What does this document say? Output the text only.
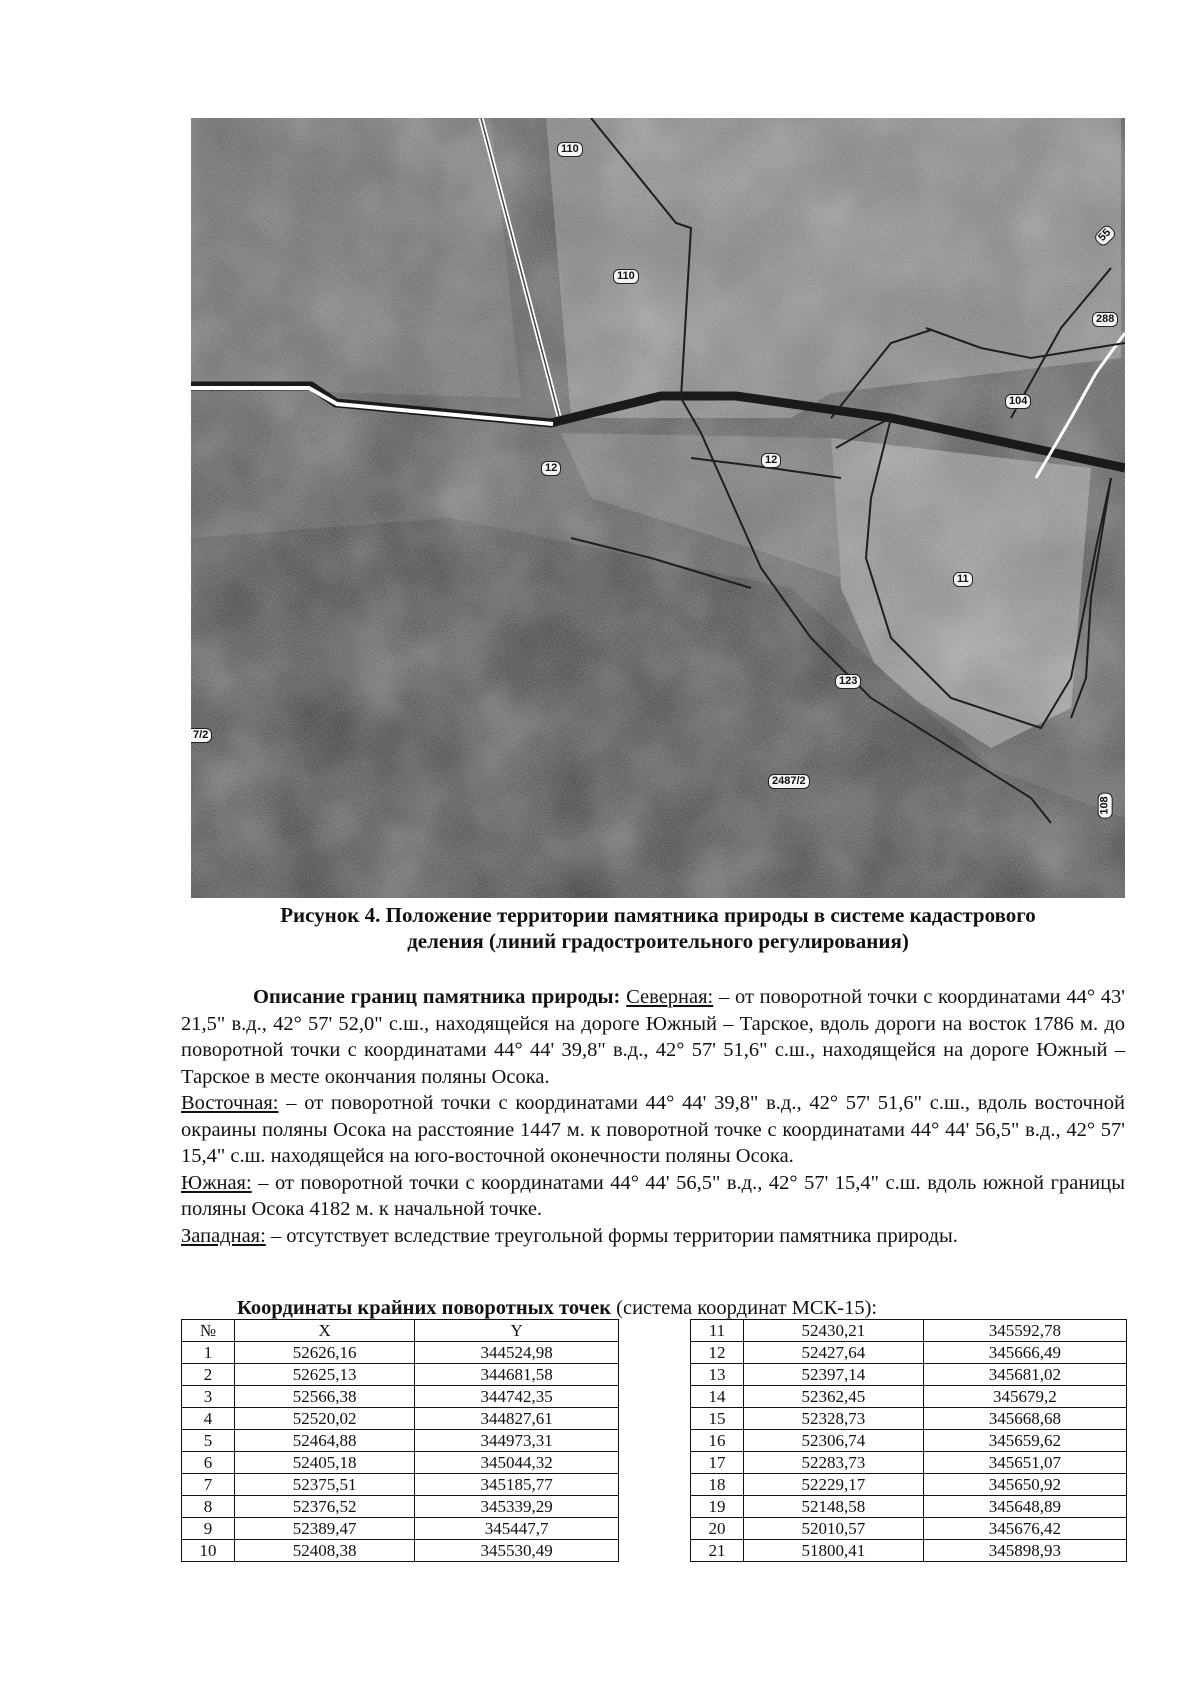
110
110
55
288
104
12
12
11
123
2487/2
7/2
108
Рисунок 4. Положение территории памятника природы в системе кадастрового
деления (линий градостроительного регулирования)

Описание границ памятника природы: Северная: – от поворотной точки с координатами 44° 43' 21,5" в.д., 42° 57' 52,0" с.ш., находящейся на дороге Южный – Тарское, вдоль дороги на восток 1786 м. до поворотной точки с координатами 44° 44' 39,8" в.д., 42° 57' 51,6" с.ш., находящейся на дороге Южный – Тарское в месте окончания поляны Осока.

Восточная: – от поворотной точки с координатами 44° 44' 39,8" в.д., 42° 57' 51,6" с.ш., вдоль восточной окраины поляны Осока на расстояние 1447 м. к поворотной точке с координатами 44° 44' 56,5" в.д., 42° 57' 15,4" с.ш. находящейся на юго-восточной оконечности поляны Осока.

Южная: – от поворотной точки с координатами 44° 44' 56,5" в.д., 42° 57' 15,4" с.ш. вдоль южной границы поляны Осока 4182 м. к начальной точке.

Западная: – отсутствует вследствие треугольной формы территории памятника природы.

Координаты крайних поворотных точек (система координат МСК-15):
№	X	Y
1	52626,16	344524,98
2	52625,13	344681,58
3	52566,38	344742,35
4	52520,02	344827,61
5	52464,88	344973,31
6	52405,18	345044,32
7	52375,51	345185,77
8	52376,52	345339,29
9	52389,47	345447,7
10	52408,38	345530,49
11	52430,21	345592,78
12	52427,64	345666,49
13	52397,14	345681,02
14	52362,45	345679,2
15	52328,73	345668,68
16	52306,74	345659,62
17	52283,73	345651,07
18	52229,17	345650,92
19	52148,58	345648,89
20	52010,57	345676,42
21	51800,41	345898,93
